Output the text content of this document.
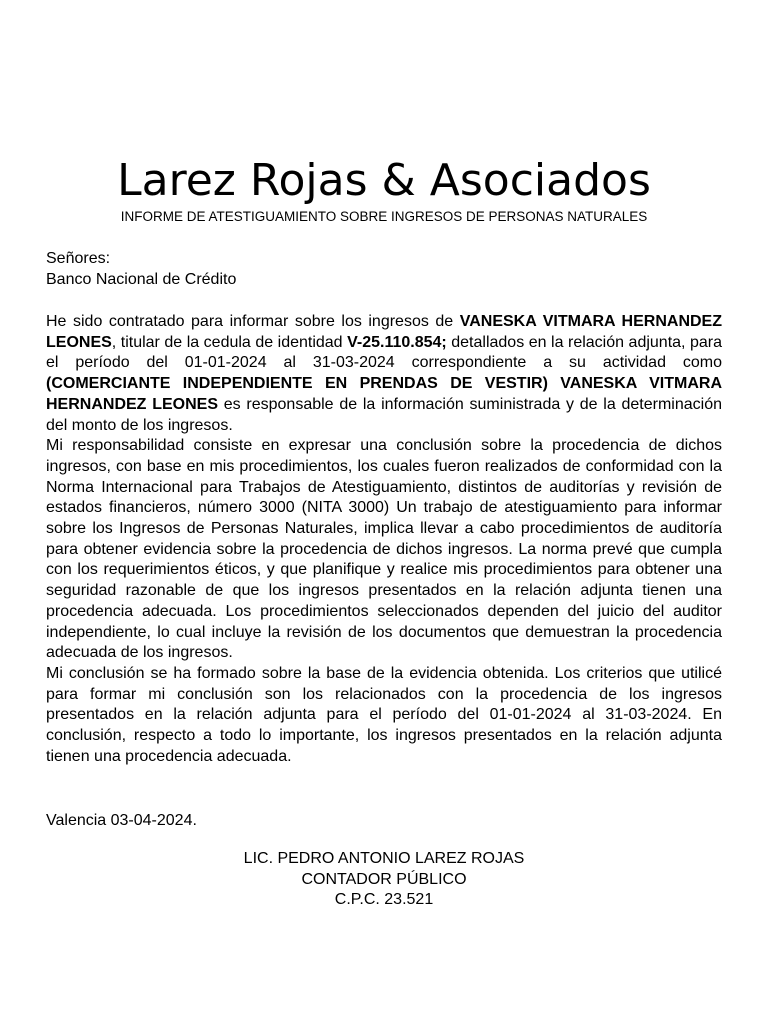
Larez Rojas & Asociados

INFORME DE ATESTIGUAMIENTO SOBRE INGRESOS DE PERSONAS NATURALES

Señores:
Banco Nacional de Crédito

He sido contratado para informar sobre los ingresos de VANESKA VITMARA HERNANDEZ LEONES, titular de la cedula de identidad V-25.110.854; detallados en la relación adjunta, para el período del 01-01-2024 al 31-03-2024 correspondiente a su actividad como (COMERCIANTE INDEPENDIENTE EN PRENDAS DE VESTIR) VANESKA VITMARA HERNANDEZ LEONES es responsable de la información suministrada y de la determinación del monto de los ingresos.

Mi responsabilidad consiste en expresar una conclusión sobre la procedencia de dichos ingresos, con base en mis procedimientos, los cuales fueron realizados de conformidad con la Norma Internacional para Trabajos de Atestiguamiento, distintos de auditorías y revisión de estados financieros, número 3000 (NITA 3000) Un trabajo de atestiguamiento para informar sobre los Ingresos de Personas Naturales, implica llevar a cabo procedimientos de auditoría para obtener evidencia sobre la procedencia de dichos ingresos. La norma prevé que cumpla con los requerimientos éticos, y que planifique y realice mis procedimientos para obtener una seguridad razonable de que los ingresos presentados en la relación adjunta tienen una procedencia adecuada. Los procedimientos seleccionados dependen del juicio del auditor independiente, lo cual incluye la revisión de los documentos que demuestran la procedencia adecuada de los ingresos.

Mi conclusión se ha formado sobre la base de la evidencia obtenida. Los criterios que utilicé para formar mi conclusión son los relacionados con la procedencia de los ingresos presentados en la relación adjunta para el período del 01-01-2024 al 31-03-2024. En conclusión, respecto a todo lo importante, los ingresos presentados en la relación adjunta tienen una procedencia adecuada.

Valencia 03-04-2024.
LIC. PEDRO ANTONIO LAREZ ROJAS
CONTADOR PÚBLICO
C.P.C. 23.521
